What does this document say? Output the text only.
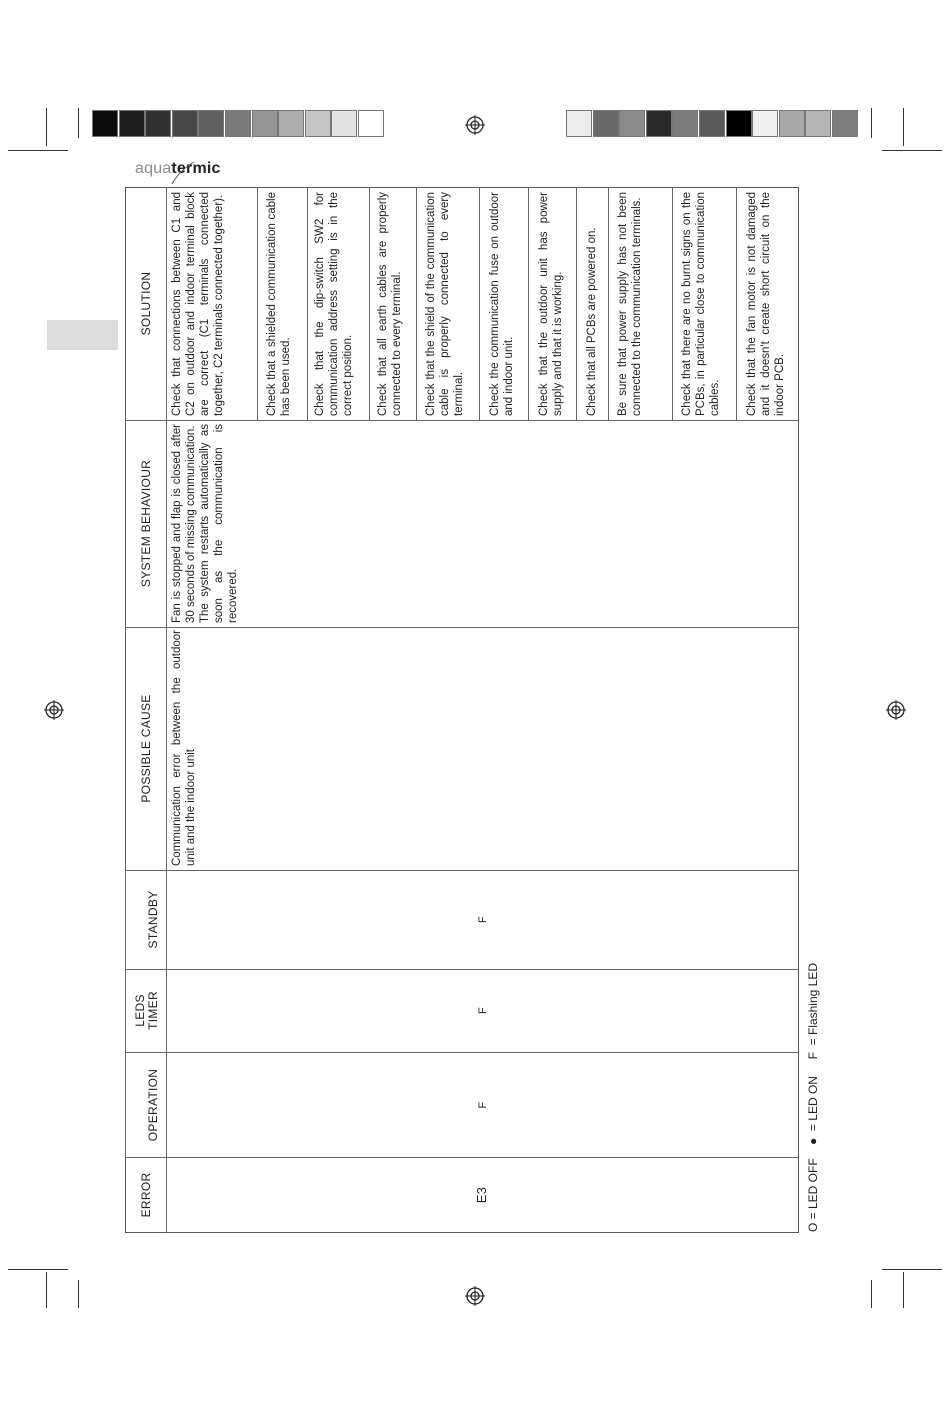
aquatermic
ERROR
OPERATION
LEDS TIMER
STANDBY
POSSIBLE CAUSE
SYSTEM BEHAVIOUR
SOLUTION
E3
F
F
F
Communication error between the outdoor unit and the indoor unit
Fan is stopped and flap is closed after 30 seconds of missing communication.
The system restarts automatically as soon as the communication is recovered.
Check that connections between C1 and C2 on outdoor and indoor terminal block are correct (C1 terminals connected together, C2 terminals connected together).	Check that a shielded communication cable has been used. Check that the dip-switch SW2 for communication address setting is in the correct position. Check that all earth cables are properly connected to every terminal. Check that the shield of the communication cable is properly connected to every terminal. Check the communication fuse on outdoor and indoor unit. Check that the outdoor unit has power supply and that it is working. Check that all PCBs are powered on. Be sure that power supply has not been connected to the communication terminals.	Check that there are no burnt signs on the PCBs, in particular close to communication cables. Check that the fan motor is not damaged and it doesn't create short circuit on the indoor PCB.
O = LED OFF    ●  = LED ON     F  = Flashing LED
